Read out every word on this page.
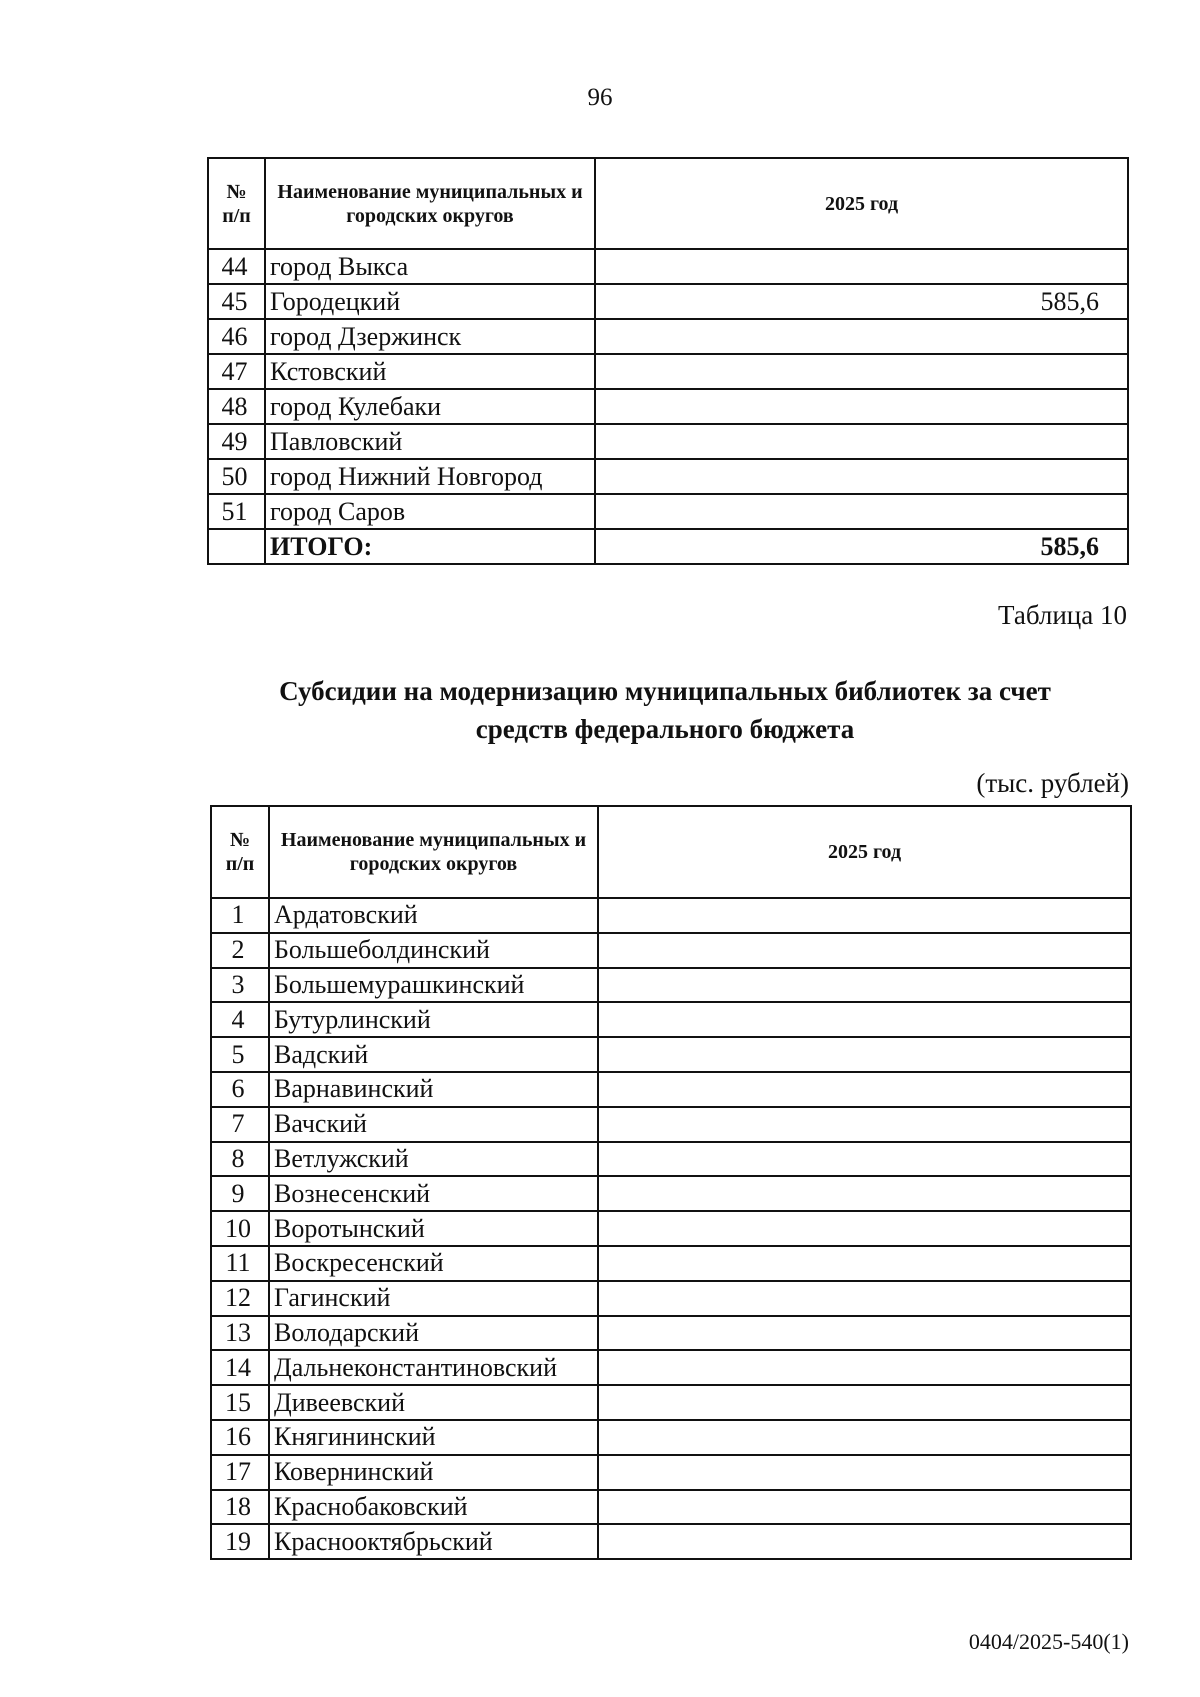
96
№
п/п	Наименование муниципальных и городских округов	2025 год
44	город Выкса	
45	Городецкий	585,6
46	город Дзержинск	
47	Кстовский	
48	город Кулебаки	
49	Павловский	
50	город Нижний Новгород	
51	город Саров	
	ИТОГО:	585,6
Таблица 10
Субсидии на модернизацию муниципальных библиотек за счет
средств федерального бюджета
(тыс. рублей)
№
п/п	Наименование муниципальных и городских округов	2025 год
1	Ардатовский	
2	Большеболдинский	
3	Большемурашкинский	
4	Бутурлинский	
5	Вадский	
6	Варнавинский	
7	Вачский	
8	Ветлужский	
9	Вознесенский	
10	Воротынский	
11	Воскресенский	
12	Гагинский	
13	Володарский	
14	Дальнеконстантиновский	
15	Дивеевский	
16	Княгининский	
17	Ковернинский	
18	Краснобаковский	
19	Краснооктябрьский	
0404/2025-540(1)
